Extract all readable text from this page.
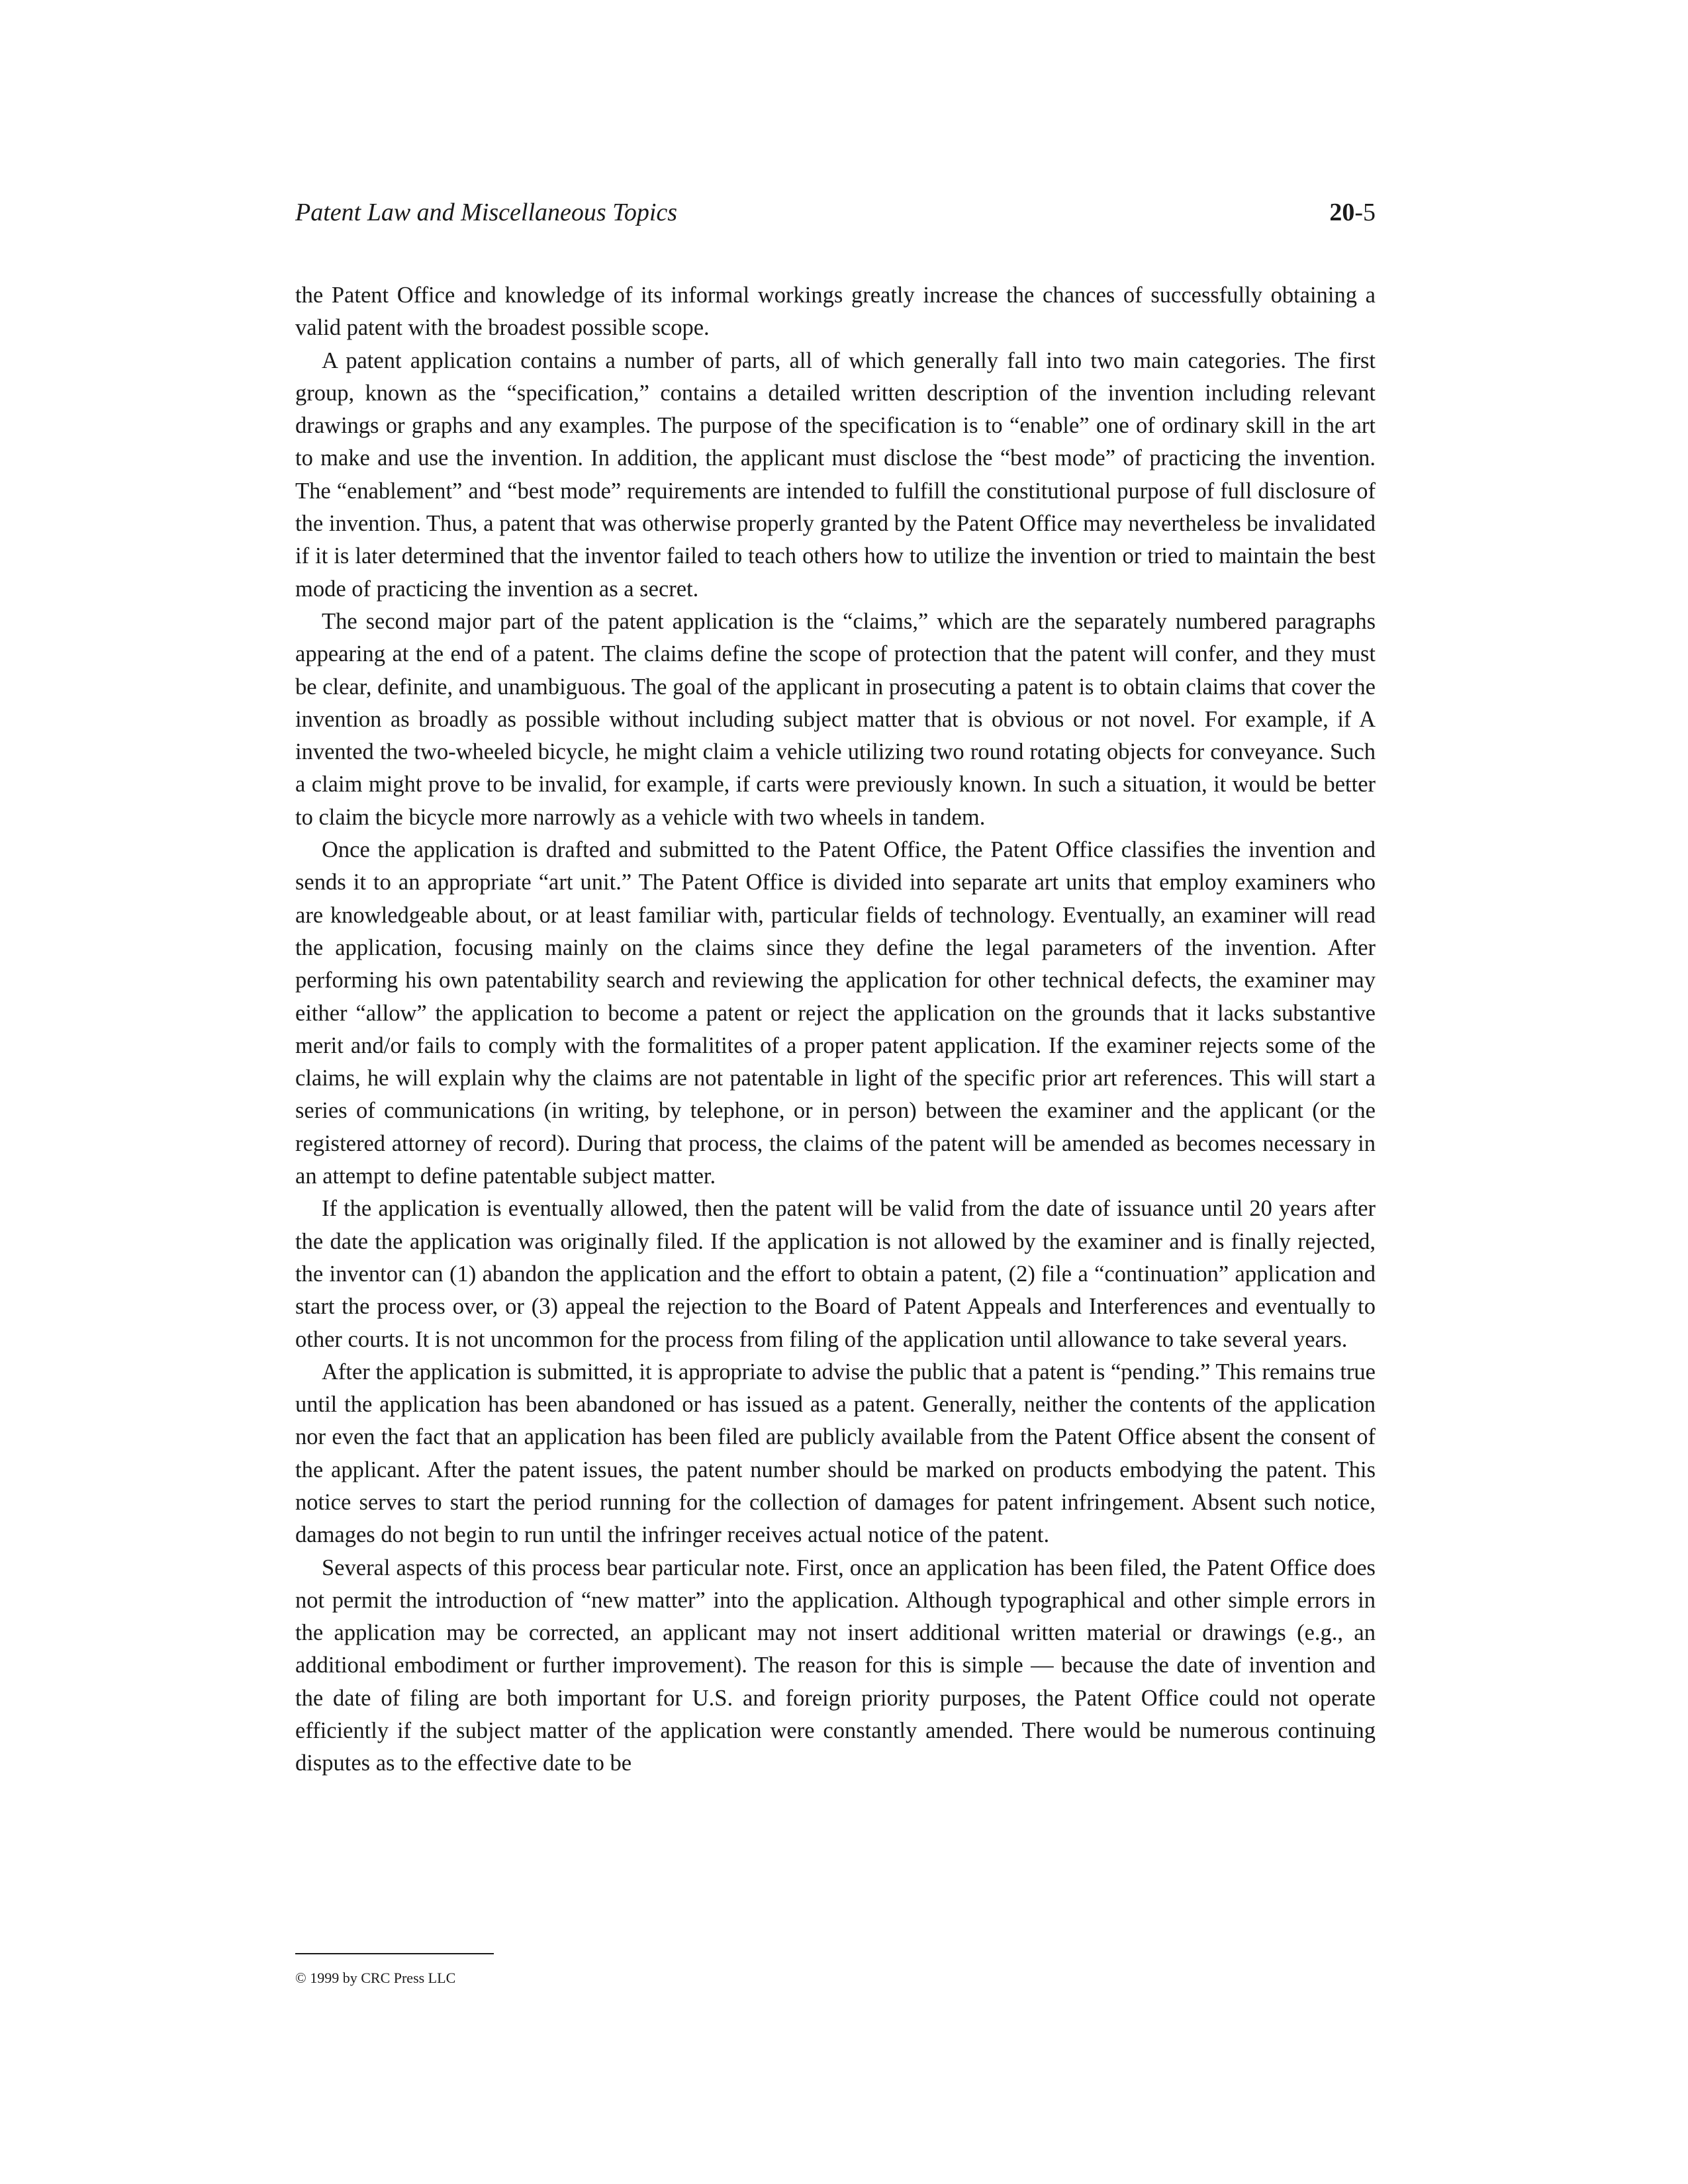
Patent Law and Miscellaneous Topics	20-5

the Patent Office and knowledge of its informal workings greatly increase the chances of successfully obtaining a valid patent with the broadest possible scope.

A patent application contains a number of parts, all of which generally fall into two main categories. The first group, known as the “specification,” contains a detailed written description of the invention including relevant drawings or graphs and any examples. The purpose of the specification is to “enable” one of ordinary skill in the art to make and use the invention. In addition, the applicant must disclose the “best mode” of practicing the invention. The “enablement” and “best mode” requirements are intended to fulfill the constitutional purpose of full disclosure of the invention. Thus, a patent that was otherwise properly granted by the Patent Office may nevertheless be invalidated if it is later determined that the inventor failed to teach others how to utilize the invention or tried to maintain the best mode of practicing the invention as a secret.

The second major part of the patent application is the “claims,” which are the separately numbered paragraphs appearing at the end of a patent. The claims define the scope of protection that the patent will confer, and they must be clear, definite, and unambiguous. The goal of the applicant in prosecuting a patent is to obtain claims that cover the invention as broadly as possible without including subject matter that is obvious or not novel. For example, if A invented the two-wheeled bicycle, he might claim a vehicle utilizing two round rotating objects for conveyance. Such a claim might prove to be invalid, for example, if carts were previously known. In such a situation, it would be better to claim the bicycle more narrowly as a vehicle with two wheels in tandem.

Once the application is drafted and submitted to the Patent Office, the Patent Office classifies the invention and sends it to an appropriate “art unit.” The Patent Office is divided into separate art units that employ examiners who are knowledgeable about, or at least familiar with, particular fields of technology. Eventually, an examiner will read the application, focusing mainly on the claims since they define the legal parameters of the invention. After performing his own patentability search and reviewing the application for other technical defects, the examiner may either “allow” the application to become a patent or reject the application on the grounds that it lacks substantive merit and/or fails to comply with the formalitites of a proper patent application. If the examiner rejects some of the claims, he will explain why the claims are not patentable in light of the specific prior art references. This will start a series of communications (in writing, by telephone, or in person) between the examiner and the applicant (or the registered attorney of record). During that process, the claims of the patent will be amended as becomes necessary in an attempt to define patentable subject matter.

If the application is eventually allowed, then the patent will be valid from the date of issuance until 20 years after the date the application was originally filed. If the application is not allowed by the examiner and is finally rejected, the inventor can (1) abandon the application and the effort to obtain a patent, (2) file a “continuation” application and start the process over, or (3) appeal the rejection to the Board of Patent Appeals and Interferences and eventually to other courts. It is not uncommon for the process from filing of the application until allowance to take several years.

After the application is submitted, it is appropriate to advise the public that a patent is “pending.” This remains true until the application has been abandoned or has issued as a patent. Generally, neither the contents of the application nor even the fact that an application has been filed are publicly available from the Patent Office absent the consent of the applicant. After the patent issues, the patent number should be marked on products embodying the patent. This notice serves to start the period running for the collection of damages for patent infringement. Absent such notice, damages do not begin to run until the infringer receives actual notice of the patent.

Several aspects of this process bear particular note. First, once an application has been filed, the Patent Office does not permit the introduction of “new matter” into the application. Although typographical and other simple errors in the application may be corrected, an applicant may not insert additional written material or drawings (e.g., an additional embodiment or further improvement). The reason for this is simple — because the date of invention and the date of filing are both important for U.S. and foreign priority purposes, the Patent Office could not operate efficiently if the subject matter of the application were constantly amended. There would be numerous continuing disputes as to the effective date to be

© 1999 by CRC Press LLC
